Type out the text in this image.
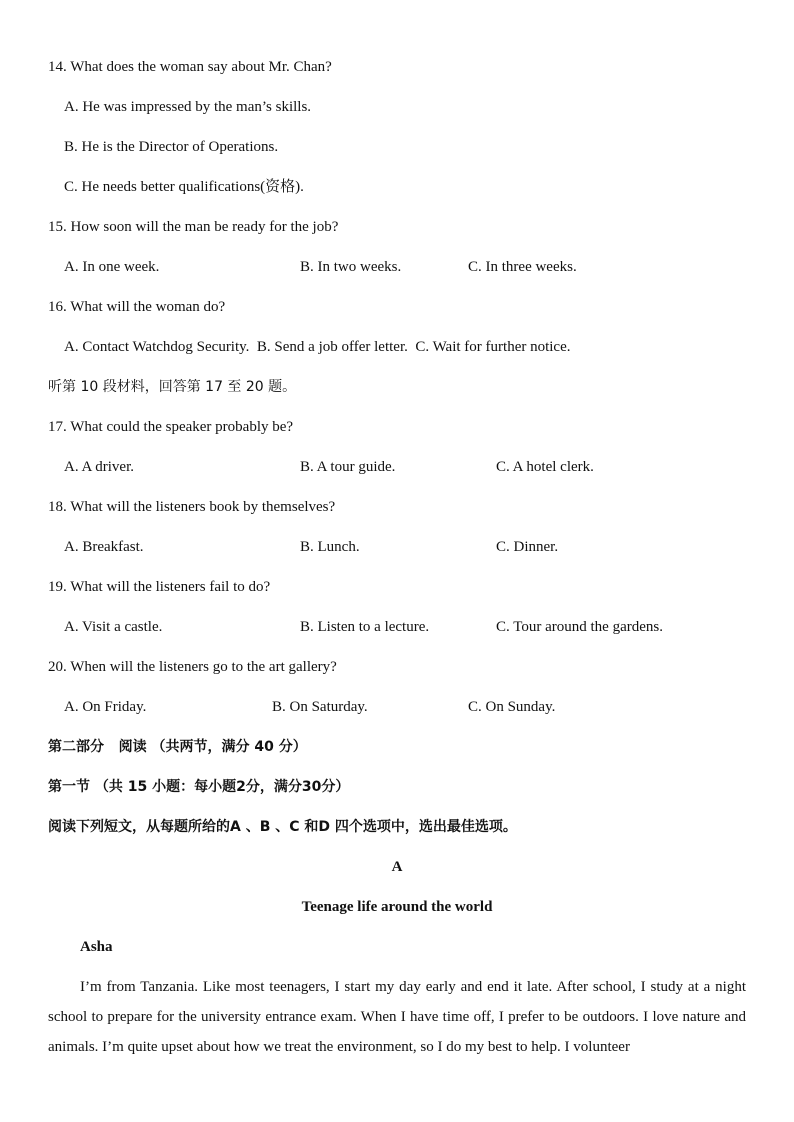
14. What does the woman say about Mr. Chan?
A. He was impressed by the man’s skills.
B. He is the Director of Operations.
C. He needs better qualifications(资格).
15. How soon will the man be ready for the job?
A. In one week.	B. In two weeks.	C. In three weeks.
16. What will the woman do?
A. Contact Watchdog Security.  B. Send a job offer letter.  C. Wait for further notice.
听第 10 段材料，回答第 17 至 20 题。
17. What could the speaker probably be?
A. A driver.	B. A tour guide.	C. A hotel clerk.
18. What will the listeners book by themselves?
A. Breakfast.	B. Lunch.	C. Dinner.
19. What will the listeners fail to do?
A. Visit a castle.	B. Listen to a lecture.	C. Tour around the gardens.
20. When will the listeners go to the art gallery?
A. On Friday.	B. On Saturday.	C. On Sunday.
第二部分   阅读 （共两节，满分 40 分）
第一节 （共 15 小题：每小题2分，满分30分）
阅读下列短文，从每题所给的A 、B 、C 和D 四个选项中，选出最佳选项。
A
Teenage life around the world
Asha
I’m from Tanzania. Like most teenagers, I start my day early and end it late. After school, I study at a night school to prepare for the university entrance exam. When I have time off, I prefer to be outdoors. I love nature and animals. I’m quite upset about how we treat the environment, so I do my best to help. I volunteer
